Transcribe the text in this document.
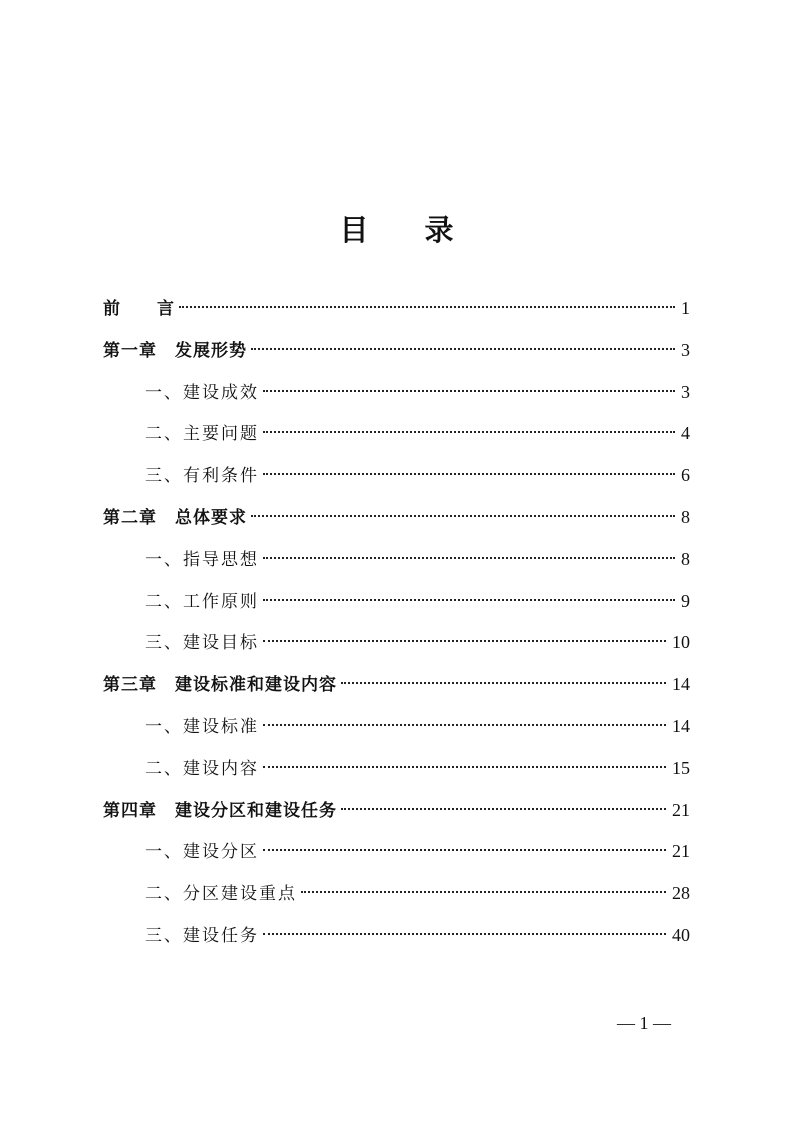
目 录
前　　言	1
第一章　发展形势	3
一、建设成效	3
二、主要问题	4
三、有利条件	6
第二章　总体要求	8
一、指导思想	8
二、工作原则	9
三、建设目标	10
第三章　建设标准和建设内容	14
一、建设标准	14
二、建设内容	15
第四章　建设分区和建设任务	21
一、建设分区	21
二、分区建设重点	28
三、建设任务	40
— 1 —
